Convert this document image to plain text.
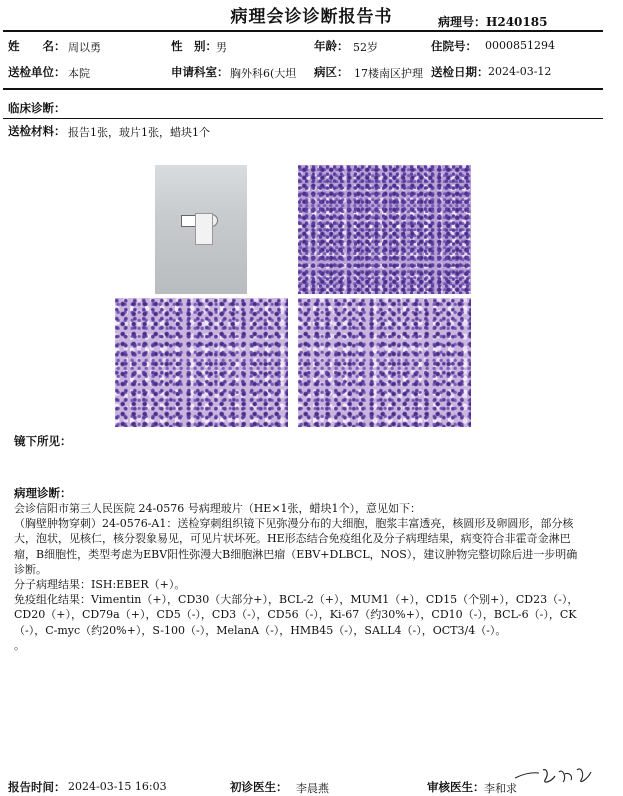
病理会诊诊断报告书	病理号：H240185
姓　　名： 周以勇	性　别： 男	年龄： 52岁	住院号： 0000851294
送检单位： 本院	申请科室： 胸外科6(大坦 病区： 17楼南区护理 送检日期： 2024-03-12
临床诊断：
送检材料： 报告1张，玻片1张，蜡块1个
镜下所见：
病理诊断：

会诊信阳市第三人民医院 24-0576 号病理玻片（HE×1张，蜡块1个），意见如下：

（胸壁肿物穿刺）24-0576-A1：送检穿刺组织镜下见弥漫分布的大细胞，胞浆丰富透亮，核圆形及卵圆形，部分核大，泡状，见核仁，核分裂象易见，可见片状坏死。HE形态结合免疫组化及分子病理结果，病变符合非霍奇金淋巴瘤，B细胞性，类型考虑为EBV阳性弥漫大B细胞淋巴瘤（EBV+DLBCL，NOS），建议肿物完整切除后进一步明确诊断。

分子病理结果：ISH:EBER（+）。

免疫组化结果：Vimentin（+），CD30（大部分+），BCL-2（+），MUM1（+），CD15（个别+），CD23（-），CD20（+），CD79a（+），CD5（-），CD3（-），CD56（-），Ki-67（约30%+），CD10（-），BCL-6（-），CK（-），C-myc（约20%+），S-100（-），MelanA（-），HMB45（-），SALL4（-），OCT3/4（-）。

。

报告时间： 2024-03-15 16:03	初诊医生： 李晨燕	审核医生： 李和求
